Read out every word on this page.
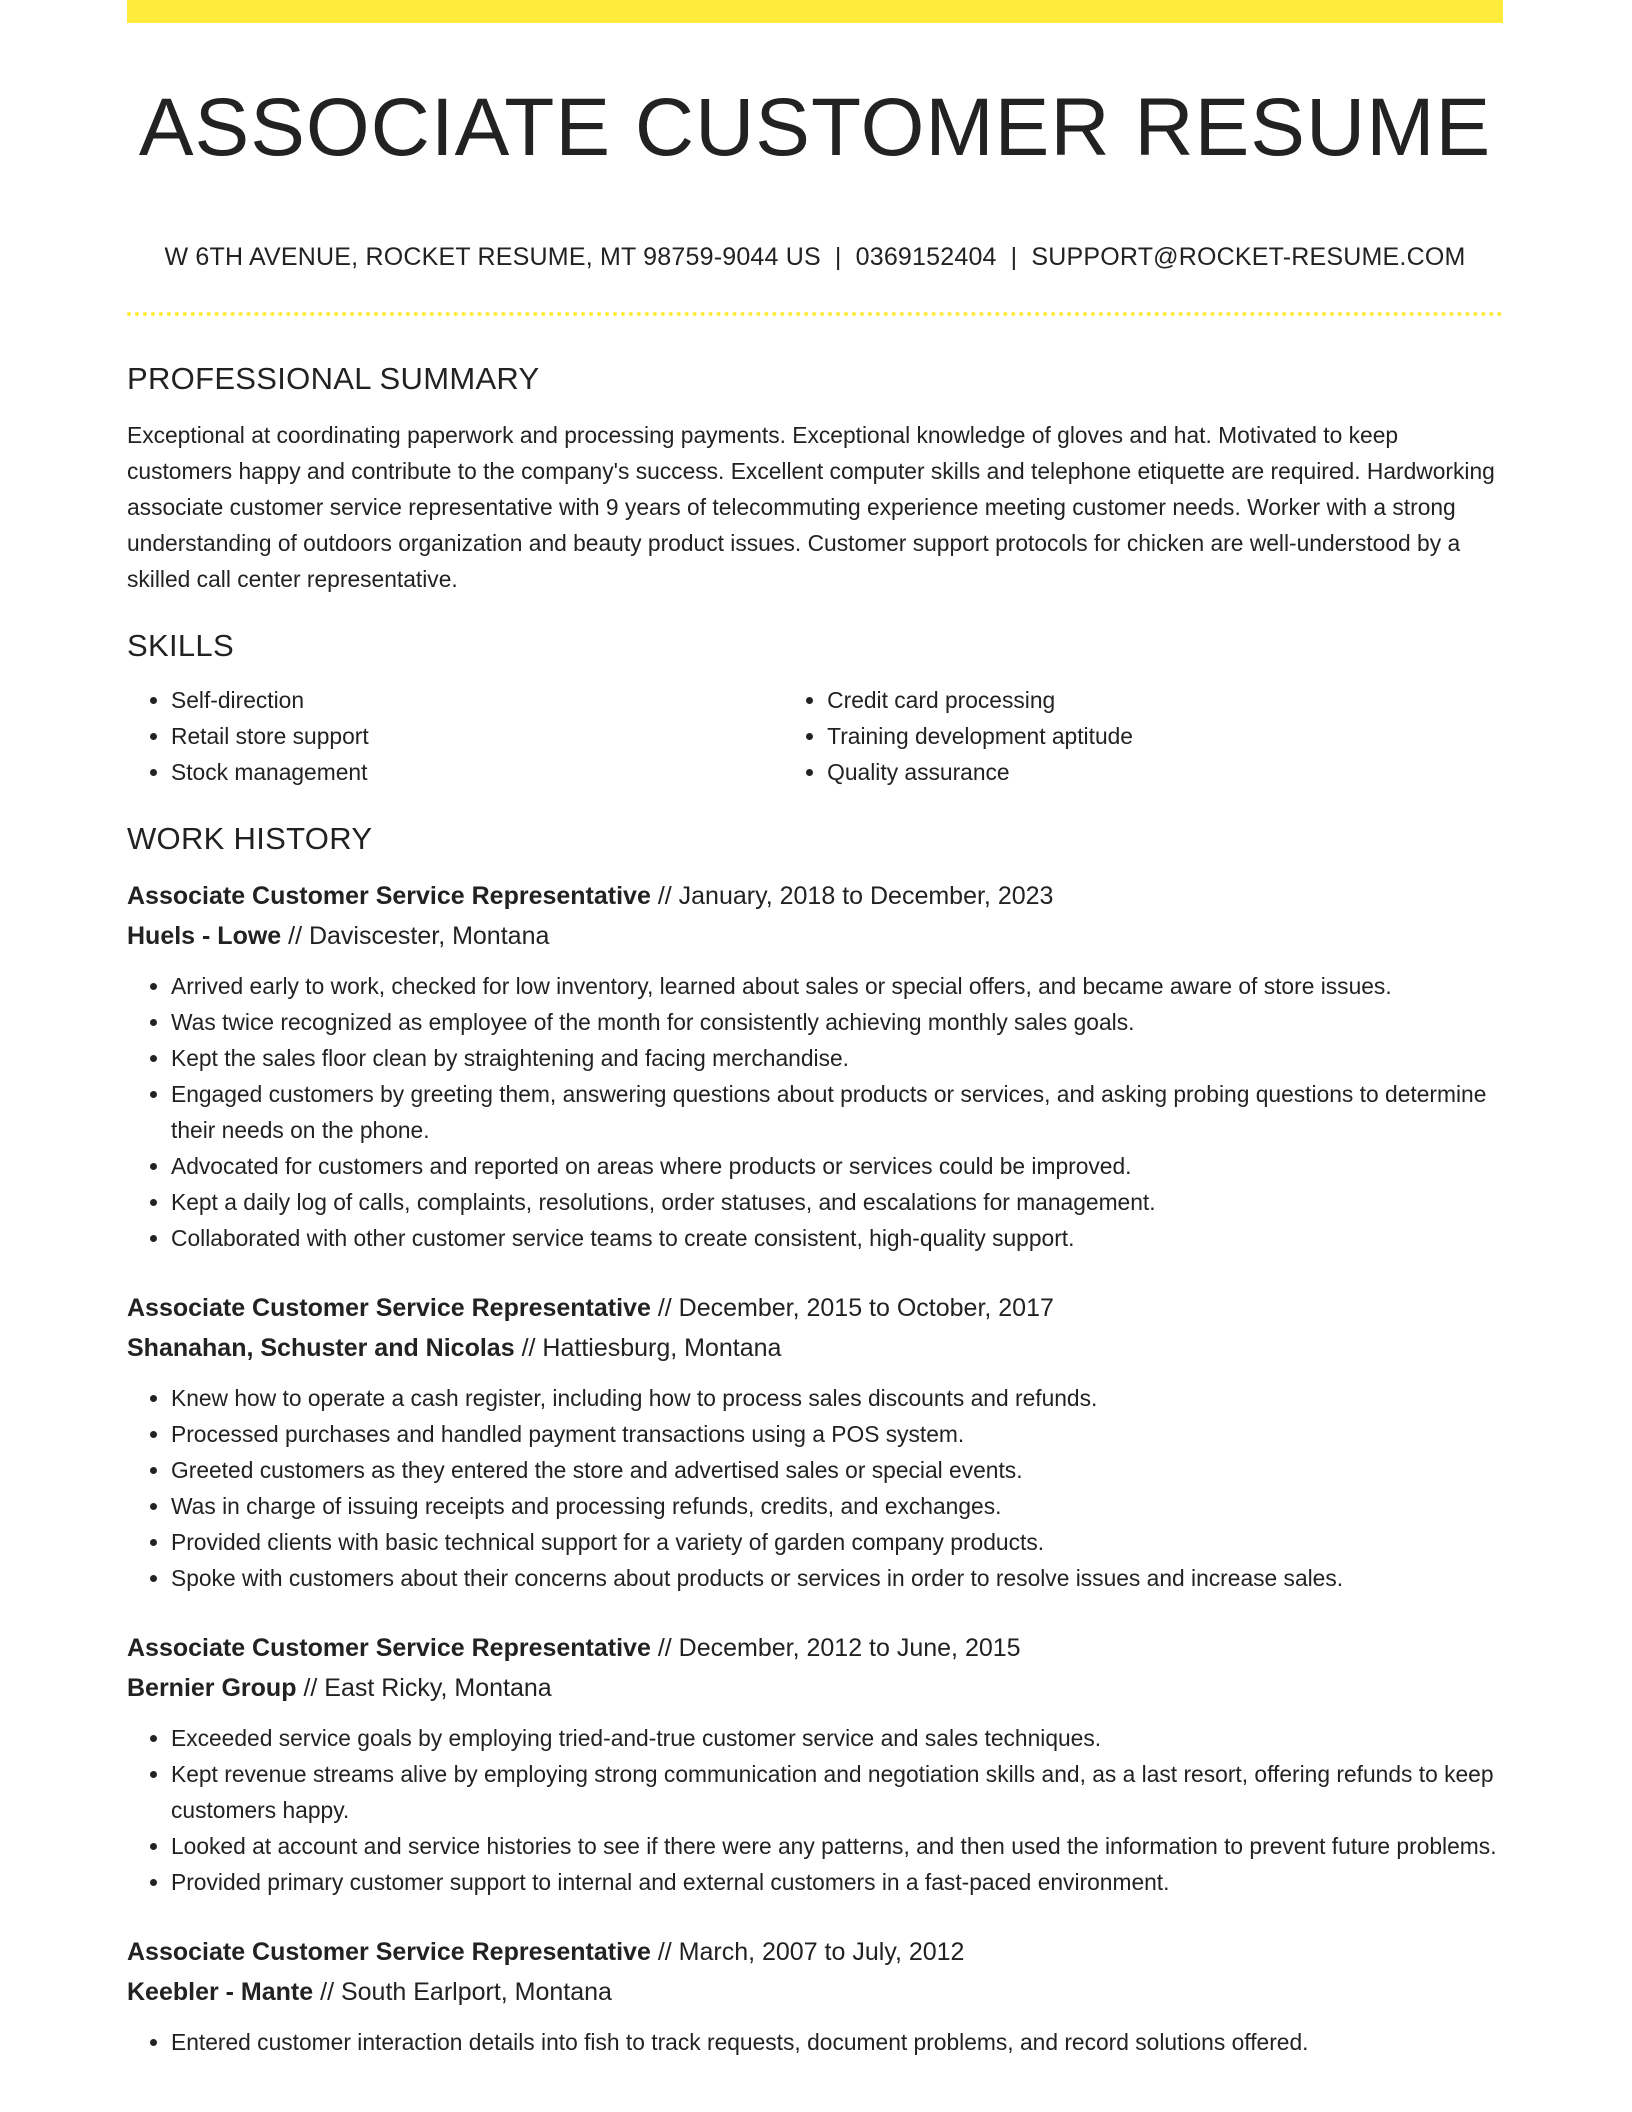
ASSOCIATE CUSTOMER RESUME
W 6TH AVENUE, ROCKET RESUME, MT 98759-9044 US | 0369152404 | SUPPORT@ROCKET-RESUME.COM
PROFESSIONAL SUMMARY

Exceptional at coordinating paperwork and processing payments. Exceptional knowledge of gloves and hat. Motivated to keep customers happy and contribute to the company's success. Excellent computer skills and telephone etiquette are required. Hardworking associate customer service representative with 9 years of telecommuting experience meeting customer needs. Worker with a strong understanding of outdoors organization and beauty product issues. Customer support protocols for chicken are well-understood by a skilled call center representative.

SKILLS
• Self-direction
• Retail store support
• Stock management
• Credit card processing
• Training development aptitude
• Quality assurance
WORK HISTORY

Associate Customer Service Representative // January, 2018 to December, 2023

Huels - Lowe // Daviscester, Montana

• Arrived early to work, checked for low inventory, learned about sales or special offers, and became aware of store issues.
• Was twice recognized as employee of the month for consistently achieving monthly sales goals.
• Kept the sales floor clean by straightening and facing merchandise.
• Engaged customers by greeting them, answering questions about products or services, and asking probing questions to determine their needs on the phone.
• Advocated for customers and reported on areas where products or services could be improved.
• Kept a daily log of calls, complaints, resolutions, order statuses, and escalations for management.
• Collaborated with other customer service teams to create consistent, high-quality support.

Associate Customer Service Representative // December, 2015 to October, 2017

Shanahan, Schuster and Nicolas // Hattiesburg, Montana

• Knew how to operate a cash register, including how to process sales discounts and refunds.
• Processed purchases and handled payment transactions using a POS system.
• Greeted customers as they entered the store and advertised sales or special events.
• Was in charge of issuing receipts and processing refunds, credits, and exchanges.
• Provided clients with basic technical support for a variety of garden company products.
• Spoke with customers about their concerns about products or services in order to resolve issues and increase sales.

Associate Customer Service Representative // December, 2012 to June, 2015

Bernier Group // East Ricky, Montana

• Exceeded service goals by employing tried-and-true customer service and sales techniques.
• Kept revenue streams alive by employing strong communication and negotiation skills and, as a last resort, offering refunds to keep customers happy.
• Looked at account and service histories to see if there were any patterns, and then used the information to prevent future problems.
• Provided primary customer support to internal and external customers in a fast-paced environment.

Associate Customer Service Representative // March, 2007 to July, 2012

Keebler - Mante // South Earlport, Montana

• Entered customer interaction details into fish to track requests, document problems, and record solutions offered.
